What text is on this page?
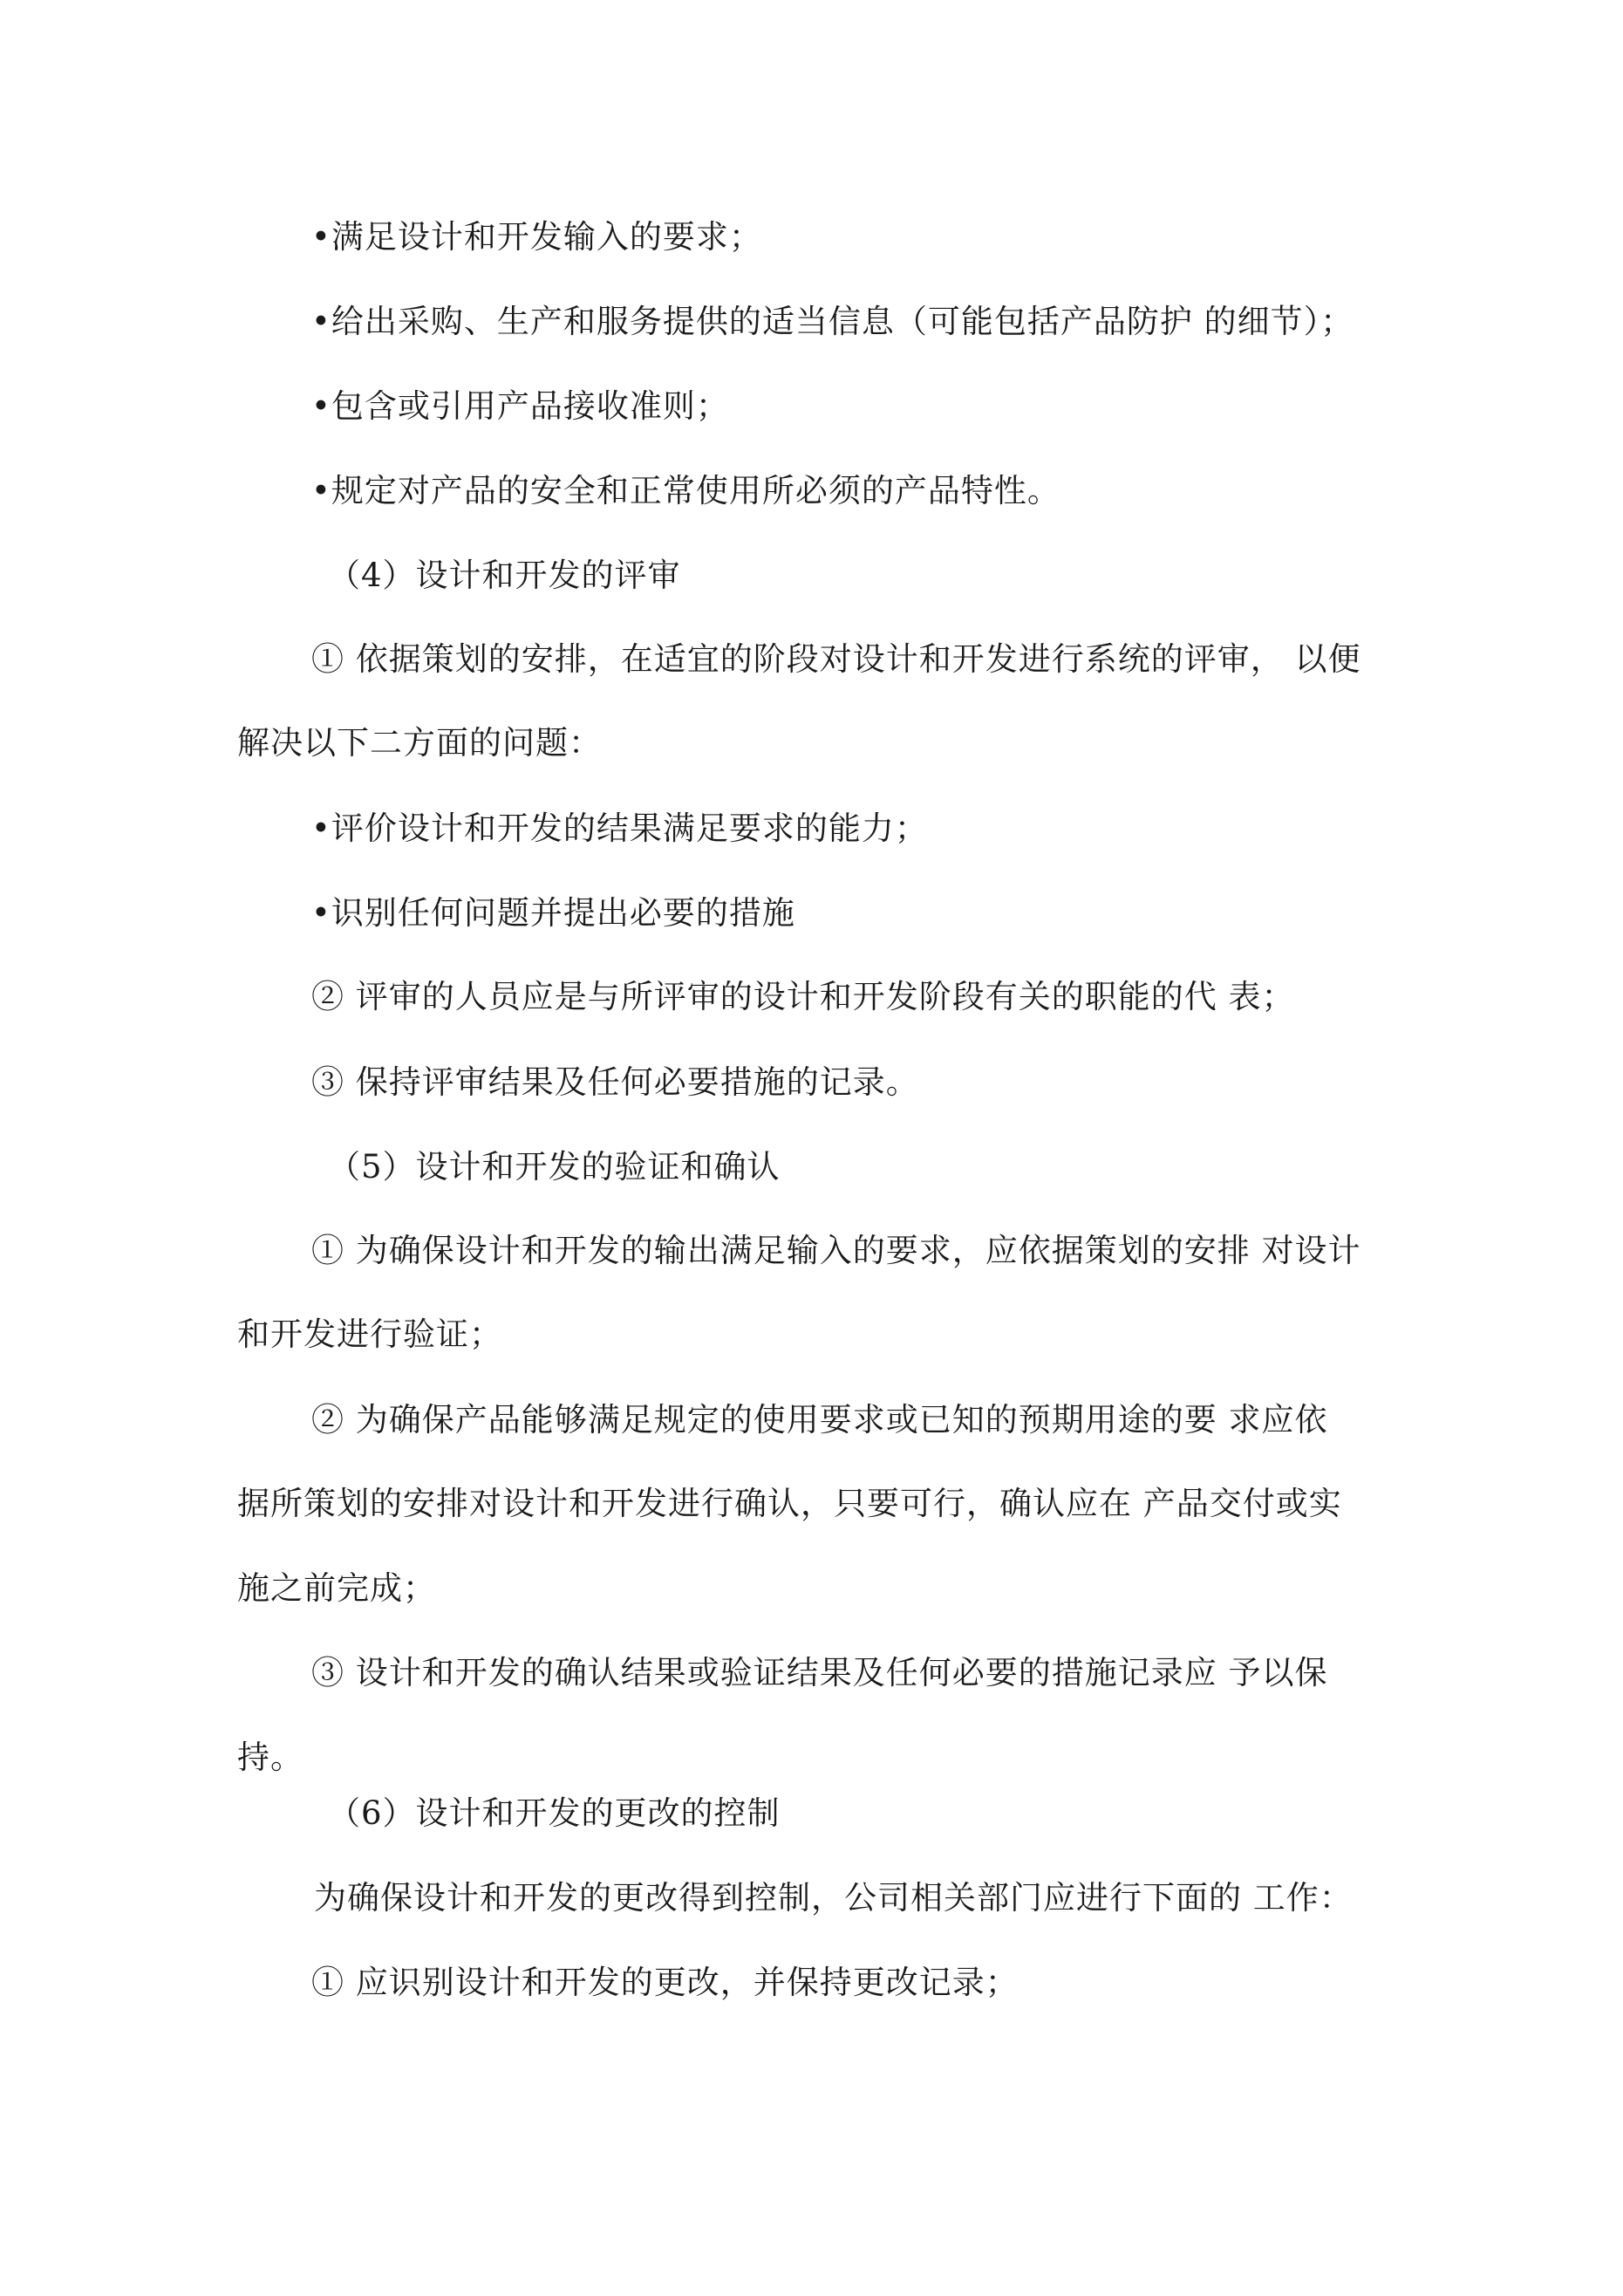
•满足设计和开发输入的要求；
•给出采购、生产和服务提供的适当信息（可能包括产品防护 的细节）；
•包含或引用产品接收准则；
•规定对产品的安全和正常使用所必须的产品特性。
（4）设计和开发的评审
① 依据策划的安排，在适宜的阶段对设计和开发进行系统的评审， 以便
解决以下二方面的问题：
•评价设计和开发的结果满足要求的能力；
•识别任何问题并提出必要的措施
② 评审的人员应是与所评审的设计和开发阶段有关的职能的代 表；
③ 保持评审结果及任何必要措施的记录。
（5）设计和开发的验证和确认
① 为确保设计和开发的输出满足输入的要求，应依据策划的安排 对设计
和开发进行验证；
② 为确保产品能够满足规定的使用要求或已知的预期用途的要 求应依
据所策划的安排对设计和开发进行确认，只要可行，确认应在 产品交付或实
施之前完成；
③ 设计和开发的确认结果或验证结果及任何必要的措施记录应 予以保
持。
（6）设计和开发的更改的控制
为确保设计和开发的更改得到控制，公司相关部门应进行下面的 工作：
① 应识别设计和开发的更改，并保持更改记录；
